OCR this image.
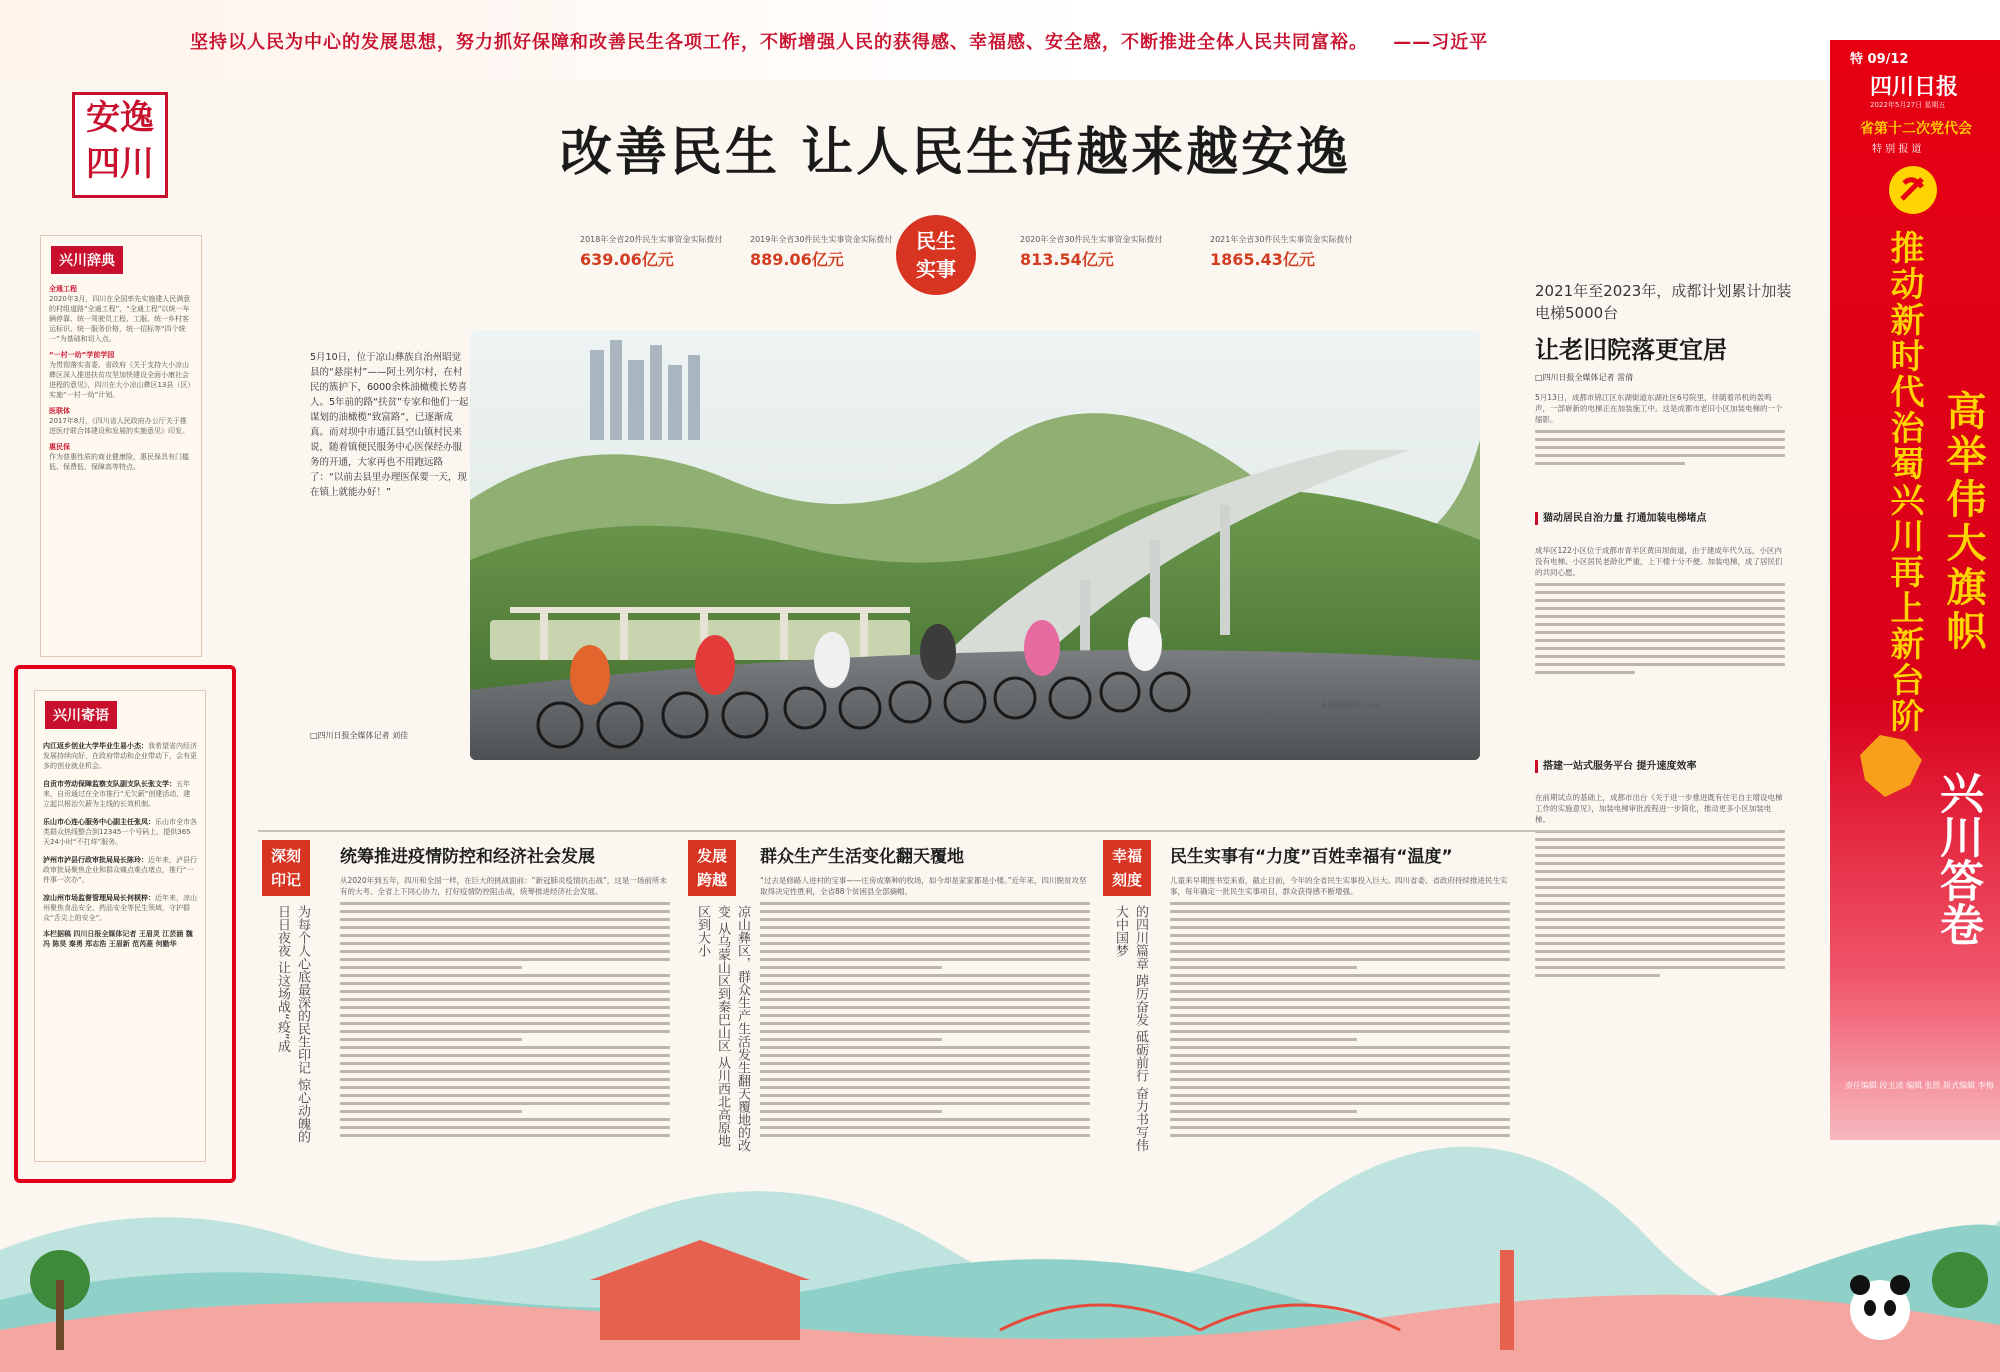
坚持以人民为中心的发展思想，努力抓好保障和改善民生各项工作，不断增强人民的获得感、幸福感、安全感，不断推进全体人民共同富裕。 ——习近平
安逸
四川	改善民生 让人民生活越来越安逸
兴川辞典
全通工程
2020年3月，四川在全国率先实施建人民满意的村组道路“全通工程”，“全通工程”以统一车辆停靠、统一驾驶员工程、工服、统一乡村客运标识、统一服务价格，统一招标等“四个统一”为基础和切入点。
“一村一幼”学前学园
为贯彻落实省委、省政府《关于支持大小凉山彝区深入推进扶贫攻坚加快建设全面小康社会进程的意见》，四川在大小凉山彝区13县（区）实施“一村一幼”计划。
医联体
2017年8月，《四川省人民政府办公厅关于推进医疗联合体建设和发展的实施意见》印发。
惠民保
作为普惠性质的商业健康险，惠民保具有门槛低、保费低、保障高等特点。
兴川寄语
内江返乡创业大学毕业生易小杰：我希望省内经济发展持续向好，在政府带动和企业带动下，会有更多的创业就业机会。
自贡市劳动保障监察支队副支队长张文学：五年来，自贡通过在全市推行“无欠薪”创建活动，建立起以根治欠薪为主线的长效机制。
乐山市心连心服务中心副主任张凤：乐山市全市各类群众热线整合到12345一个号码上，提供365天24小时“不打烊”服务。
泸州市泸县行政审批局局长陈玲：近年来，泸县行政审批局聚焦企业和群众痛点难点堵点，推行“一件事一次办”。
凉山州市场监督管理局局长何棂梓：近年来，凉山州聚焦食品安全、药品安全等民生领域，守护群众“舌尖上的安全”。
本栏据稿 四川日报全媒体记者 王眉灵 江芸涵 魏冯 陈昊 秦勇 郑志浩 王眉新 范芮菱 何勤华
2018年全省20件民生实事资金实际拨付
639.06亿元
2019年全省30件民生实事资金实际拨付
889.06亿元
2020年全省30件民生实事资金实际拨付
813.54亿元
2021年全省30件民生实事资金实际拨付
1865.43亿元
民生
实事
5月10日，位于凉山彝族自治州昭觉县的“悬崖村”——阿土列尔村，在村民的簇护下，6000余株油橄榄长势喜人。5年前的路“扶贫”专家和他们一起谋划的油橄榄“致富路”，已逐渐成真。而对坝中市通江县空山镇村民来说，随着镇便民服务中心医保经办服务的开通，大家再也不用跑远路了：“以前去县里办理医保要一天，现在镇上就能办好！”
□四川日报全媒体记者 刘佳
本报制图/张小科
2021年至2023年，成都计划累计加装电梯5000台
让老旧院落更宜居
□四川日报全媒体记者 雷倩
5月13日，成都市锦江区东湖街道东湖社区6号院里，伴随着吊机的轰鸣声，一部崭新的电梯正在加装施工中。这是成都市老旧小区加装电梯的一个缩影。
猫动居民自治力量 打通加装电梯堵点
成华区122小区位于成都市青羊区黄田坝街道，由于建成年代久远，小区内没有电梯。小区居民老龄化严重，上下楼十分不便。加装电梯，成了居民们的共同心愿。
搭建一站式服务平台 提升速度效率
在前期试点的基础上，成都市出台《关于进一步推进既有住宅自主增设电梯工作的实施意见》，加装电梯审批流程进一步简化，推动更多小区加装电梯。
特 09/12
四川日报
2022年5月27日 星期五
省第十二次党代会
特 别 报 道
高举伟大旗帜
推动新时代治蜀兴川再上新台阶
兴川答卷
责任编辑 段玉清 编辑 张凯 版式编辑 李梅
深刻
印记
统筹推进疫情防控和经济社会发展
为每个人心底最深的民生印记 惊心动魄的日日夜夜 让这场战“疫”成
从2020年到五年，四川和全国一样，在巨大的挑战面前：“新冠肺炎疫情抗击战”，这是一场前所未有的大考。全省上下同心协力，打好疫情防控阻击战，统筹推进经济社会发展。
发展
跨越
群众生产生活变化翻天覆地
凉山彝区，群众生产生活发生翻天覆地的改变 从乌蒙山区到秦巴山区 从川西北高原地区到大小
“过去是修路人进村的宝事——庄房成寨种的牧场，如今却是家家都是小楼。”近年来，四川脱贫攻坚取得决定性胜利，全省88个贫困县全部摘帽。
幸福
刻度
民生实事有“力度”百姓幸福有“温度”
的四川篇章 踔厉奋发 砥砺前行 奋力书写伟大中国梦
儿童来早期图书室来看，截止目前，今年的全省民生实事投入巨大。四川省委、省政府持续推进民生实事，每年确定一批民生实事项目，群众获得感不断增强。
